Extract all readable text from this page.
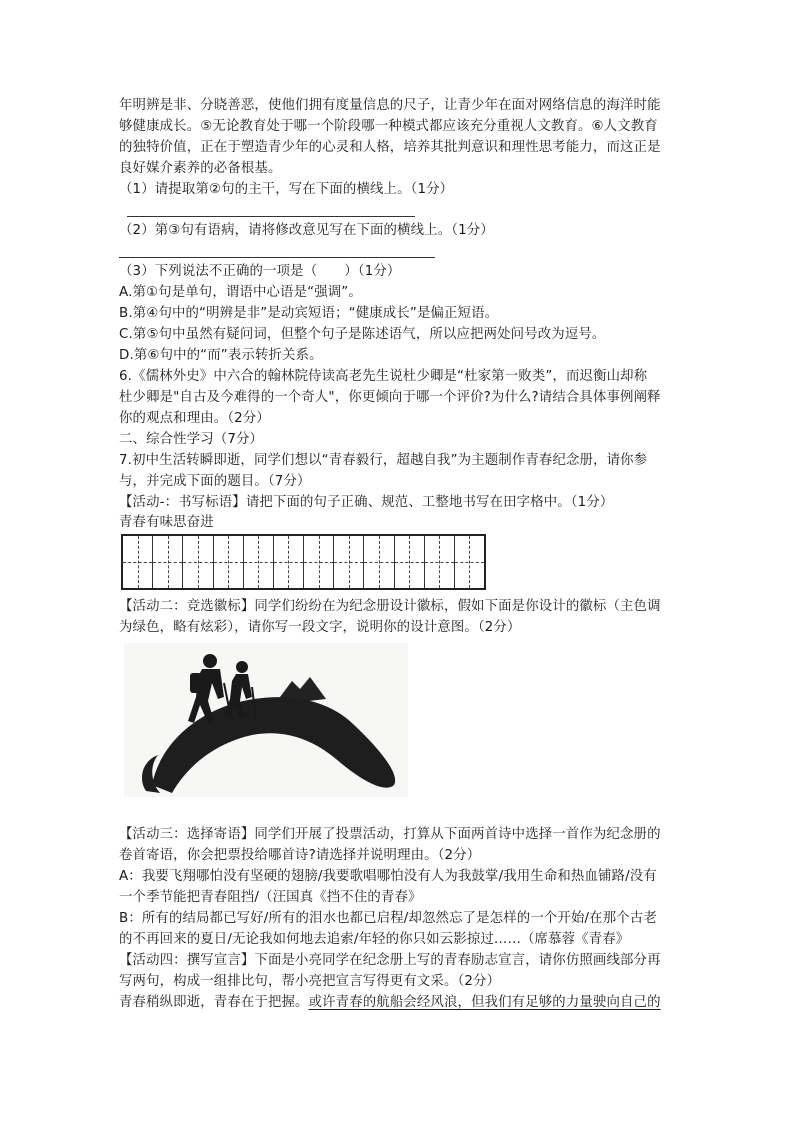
年明辨是非、分晓善恶，使他们拥有度量信息的尺子，让青少年在面对网络信息的海洋时能
够健康成长。⑤无论教育处于哪一个阶段哪一种模式都应该充分重视人文教育。⑥人文教育
的独特价值，正在于塑造青少年的心灵和人格，培养其批判意识和理性思考能力，而这正是
良好媒介素养的必备根基。
（1）请提取第②句的主干，写在下面的横线上。（1分）
（2）第③句有语病，请将修改意见写在下面的横线上。（1分）
（3）下列说法不正确的一项是（　　）（1分）
A.第①句是单句，谓语中心语是“强调”。
B.第④句中的“明辨是非”是动宾短语；“健康成长”是偏正短语。
C.第⑤句中虽然有疑问词，但整个句子是陈述语气，所以应把两处问号改为逗号。
D.第⑥句中的“而”表示转折关系。
6.《儒林外史》中六合的翰林院侍读高老先生说杜少卿是“杜家第一败类”，而迟衡山却称
杜少卿是"自古及今难得的一个奇人"，你更倾向于哪一个评价?为什么?请结合具体事例阐释
你的观点和理由。（2分）
二、综合性学习（7分）
7.初中生活转瞬即逝，同学们想以“青春毅行，超越自我”为主题制作青春纪念册，请你参
与，并完成下面的题目。（7分）
【活动-：书写标语】请把下面的句子正确、规范、工整地书写在田字格中。（1分）
青春有味思奋进
【活动二：竞选徽标】同学们纷纷在为纪念册设计徽标，假如下面是你设计的徽标（主色调
为绿色，略有炫彩），请你写一段文字，说明你的设计意图。（2分）
【活动三：选择寄语】同学们开展了投票活动，打算从下面两首诗中选择一首作为纪念册的
卷首寄语，你会把票投给哪首诗?请选择并说明理由。（2分）
A：我要飞翔哪怕没有坚硬的翅膀/我要歌唱哪怕没有人为我鼓掌/我用生命和热血铺路/没有
一个季节能把青春阻挡/（汪国真《挡不住的青春》
B：所有的结局都已写好/所有的泪水也都已启程/却忽然忘了是怎样的一个开始/在那个古老
的不再回来的夏日/无论我如何地去追索/年轻的你只如云影掠过……（席慕蓉《青春》
【活动四：撰写宣言】下面是小亮同学在纪念册上写的青春励志宣言，请你仿照画线部分再
写两句，构成一组排比句，帮小亮把宣言写得更有文采。（2分）
青春稍纵即逝，青春在于把握。或许青春的航船会经风浪，但我们有足够的力量驶向自己的
